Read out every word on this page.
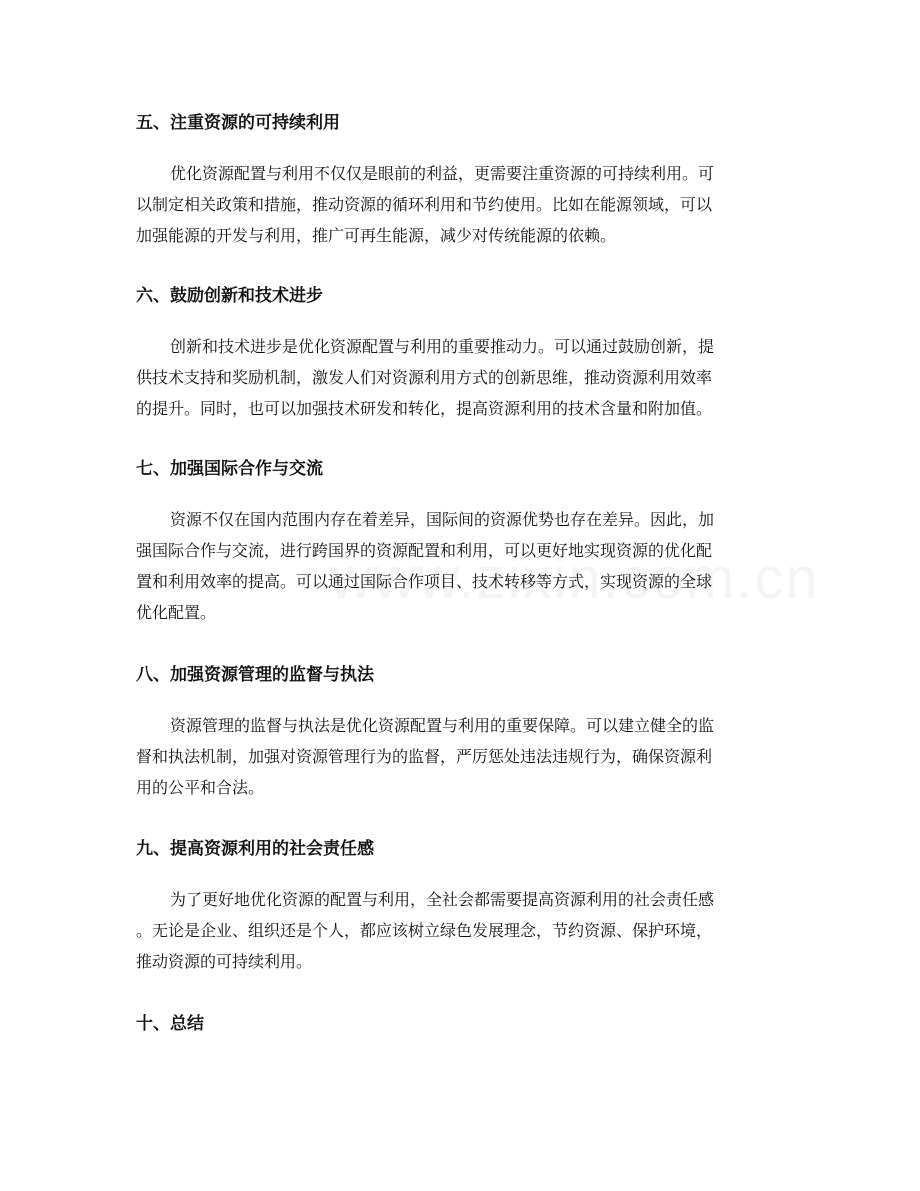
五、注重资源的可持续利用
优化资源配置与利用不仅仅是眼前的利益，更需要注重资源的可持续利用。可
以制定相关政策和措施，推动资源的循环利用和节约使用。比如在能源领域，可以
加强能源的开发与利用，推广可再生能源，减少对传统能源的依赖。
六、鼓励创新和技术进步
创新和技术进步是优化资源配置与利用的重要推动力。可以通过鼓励创新，提
供技术支持和奖励机制，激发人们对资源利用方式的创新思维，推动资源利用效率
的提升。同时，也可以加强技术研发和转化，提高资源利用的技术含量和附加值。
七、加强国际合作与交流
资源不仅在国内范围内存在着差异，国际间的资源优势也存在差异。因此，加
强国际合作与交流，进行跨国界的资源配置和利用，可以更好地实现资源的优化配
置和利用效率的提高。可以通过国际合作项目、技术转移等方式，实现资源的全球
优化配置。
八、加强资源管理的监督与执法
资源管理的监督与执法是优化资源配置与利用的重要保障。可以建立健全的监
督和执法机制，加强对资源管理行为的监督，严厉惩处违法违规行为，确保资源利
用的公平和合法。
九、提高资源利用的社会责任感
为了更好地优化资源的配置与利用，全社会都需要提高资源利用的社会责任感
。无论是企业、组织还是个人，都应该树立绿色发展理念，节约资源、保护环境，
推动资源的可持续利用。
十、总结
